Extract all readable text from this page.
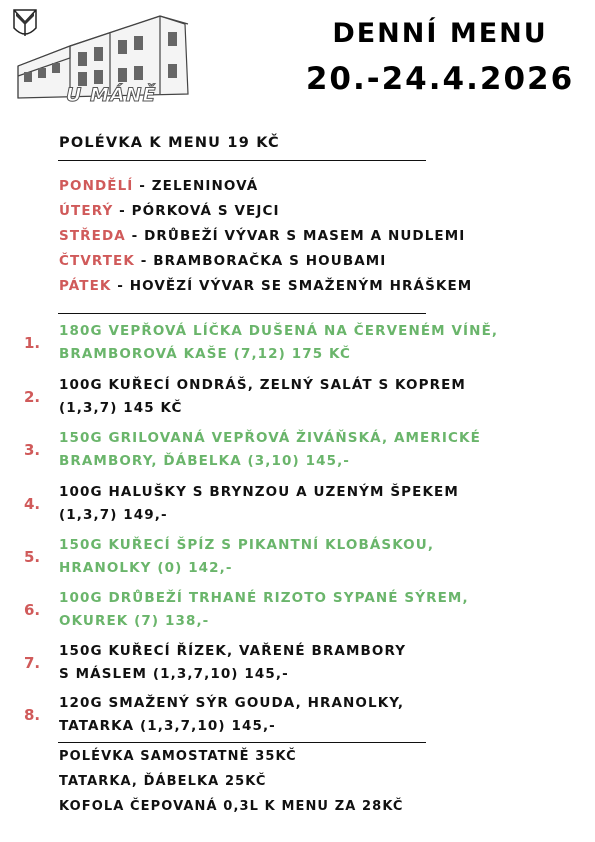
U MÁNĚ
DENNÍ MENU
20.-24.4.2026
POLÉVKA K MENU 19 KČ
PONDĚLÍ - ZELENINOVÁ
ÚTERÝ - PÓRKOVÁ S VEJCI
STŘEDA - DRŮBEŽÍ VÝVAR S MASEM A NUDLEMI
ČTVRTEK - BRAMBORAČKA S HOUBAMI
PÁTEK - HOVĚZÍ VÝVAR SE SMAŽENÝM HRÁŠKEM
1.
180G VEPŘOVÁ LÍČKA DUŠENÁ NA ČERVENÉM VÍNĚ,
BRAMBOROVÁ KAŠE (7,12) 175 KČ
2.
100G KUŘECÍ ONDRÁŠ, ZELNÝ SALÁT S KOPREM
(1,3,7) 145 KČ
3.
150G GRILOVANÁ VEPŘOVÁ ŽIVÁŇSKÁ, AMERICKÉ
BRAMBORY, ĎÁBELKA (3,10) 145,-
4.
100G HALUŠKY S BRYNZOU A UZENÝM ŠPEKEM
(1,3,7) 149,-
5.
150G KUŘECÍ ŠPÍZ S PIKANTNÍ KLOBÁSKOU,
HRANOLKY (0) 142,-
6.
100G DRŮBEŽÍ TRHANÉ RIZOTO SYPANÉ SÝREM,
OKUREK (7) 138,-
7.
150G KUŘECÍ ŘÍZEK, VAŘENÉ BRAMBORY
S MÁSLEM (1,3,7,10) 145,-
8.
120G SMAŽENÝ SÝR GOUDA, HRANOLKY,
TATARKA (1,3,7,10) 145,-
POLÉVKA SAMOSTATNĚ 35KČ
TATARKA, ĎÁBELKA 25KČ
KOFOLA ČEPOVANÁ 0,3L K MENU ZA 28KČ
